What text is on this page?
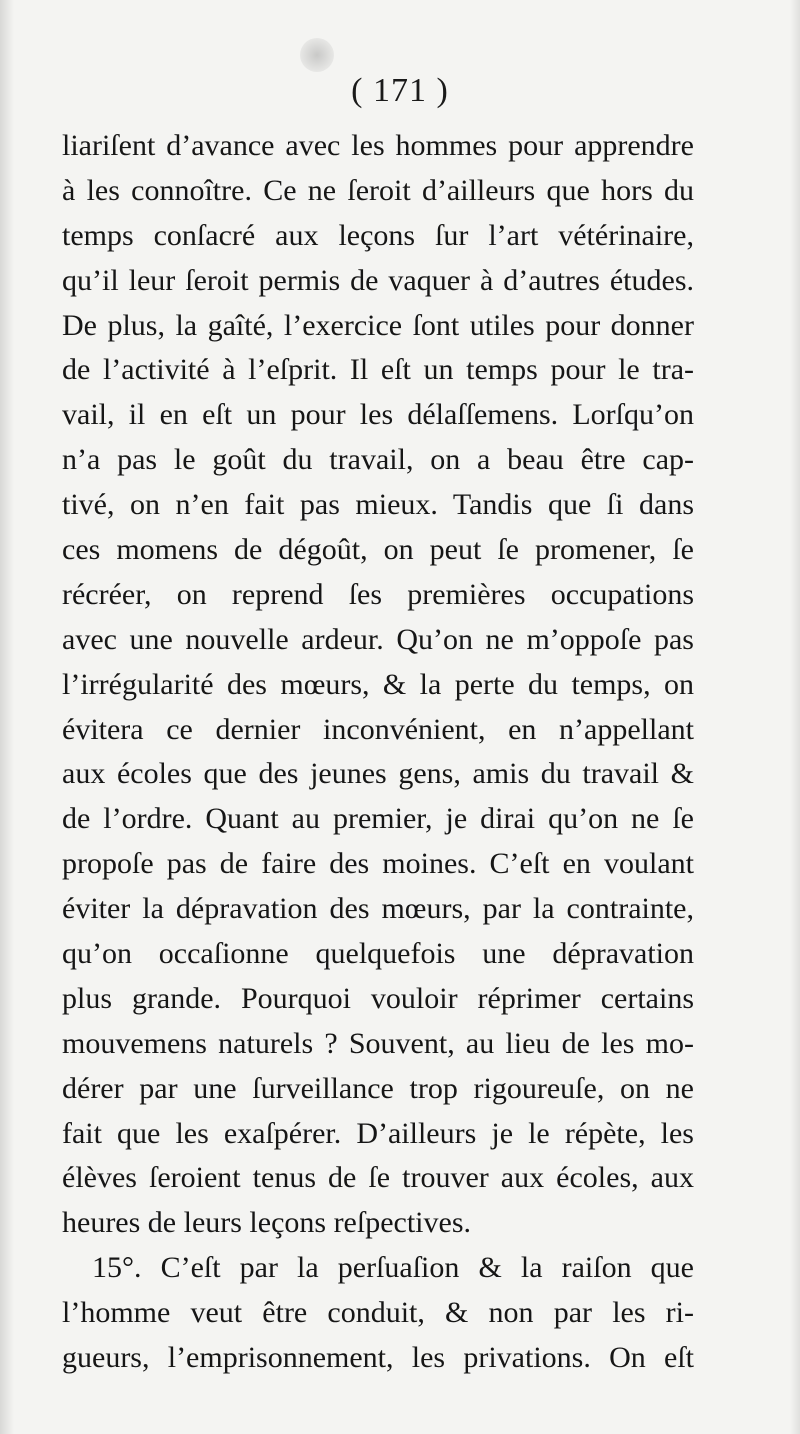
( 171 )
liariſent d’avance avec les hommes pour apprendre
à les connoître. Ce ne ſeroit d’ailleurs que hors du
temps conſacré aux leçons ſur l’art vétérinaire,
qu’il leur ſeroit permis de vaquer à d’autres études.
De plus, la gaîté, l’exercice ſont utiles pour donner
de l’activité à l’eſprit. Il eſt un temps pour le tra-
vail, il en eſt un pour les délaſſemens. Lorſqu’on
n’a pas le goût du travail, on a beau être cap-
tivé, on n’en fait pas mieux. Tandis que ſi dans
ces momens de dégoût, on peut ſe promener, ſe
récréer, on reprend ſes premières occupations
avec une nouvelle ardeur. Qu’on ne m’oppoſe pas
l’irrégularité des mœurs, & la perte du temps, on
évitera ce dernier inconvénient, en n’appellant
aux écoles que des jeunes gens, amis du travail &
de l’ordre. Quant au premier, je dirai qu’on ne ſe
propoſe pas de faire des moines. C’eſt en voulant
éviter la dépravation des mœurs, par la contrainte,
qu’on occaſionne quelquefois une dépravation
plus grande. Pourquoi vouloir réprimer certains
mouvemens naturels ? Souvent, au lieu de les mo-
dérer par une ſurveillance trop rigoureuſe, on ne
fait que les exaſpérer. D’ailleurs je le répète, les
élèves ſeroient tenus de ſe trouver aux écoles, aux
heures de leurs leçons reſpectives.
15°. C’eſt par la perſuaſion & la raiſon que
l’homme veut être conduit, & non par les ri-
gueurs, l’emprisonnement, les privations. On eſt
